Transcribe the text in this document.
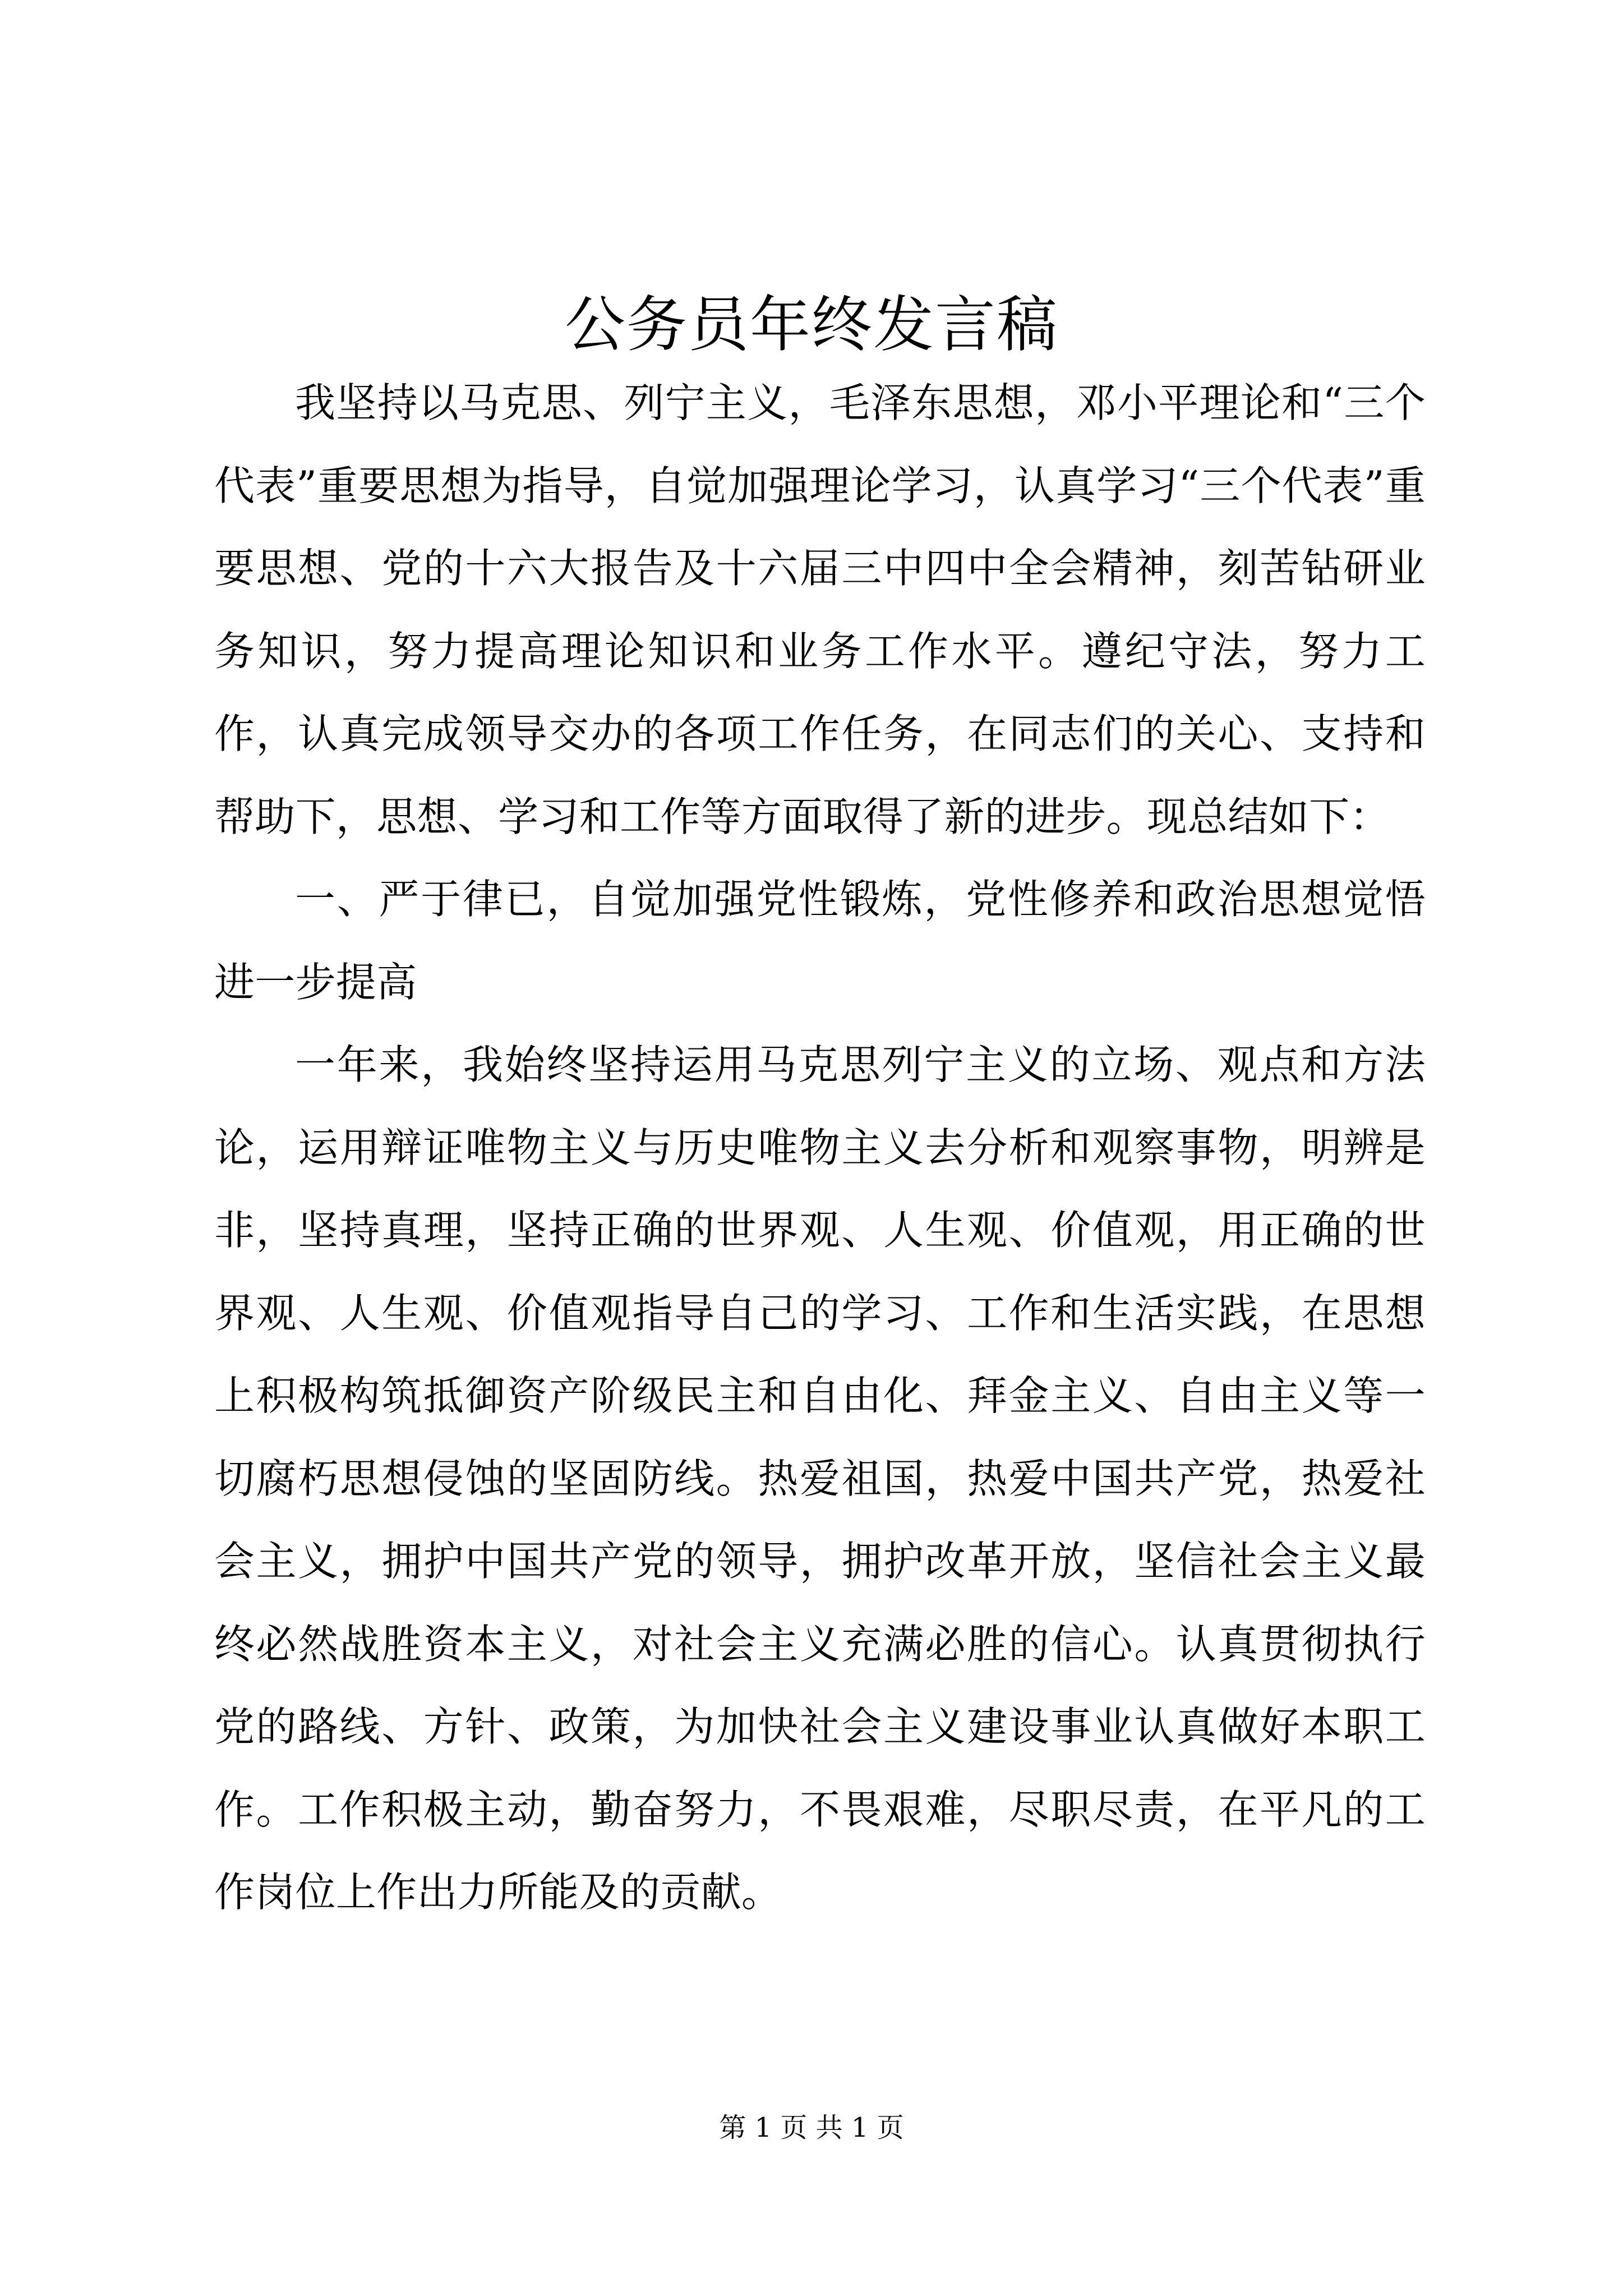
公务员年终发言稿

我坚持以马克思、列宁主义，毛泽东思想，邓小平理论和“三个代表”重要思想为指导，自觉加强理论学习，认真学习“三个代表”重要思想、党的十六大报告及十六届三中四中全会精神，刻苦钻研业务知识，努力提高理论知识和业务工作水平。遵纪守法，努力工作，认真完成领导交办的各项工作任务，在同志们的关心、支持和帮助下，思想、学习和工作等方面取得了新的进步。现总结如下：

一、严于律已，自觉加强党性锻炼，党性修养和政治思想觉悟进一步提高

一年来，我始终坚持运用马克思列宁主义的立场、观点和方法论，运用辩证唯物主义与历史唯物主义去分析和观察事物，明辨是非，坚持真理，坚持正确的世界观、人生观、价值观，用正确的世界观、人生观、价值观指导自己的学习、工作和生活实践，在思想上积极构筑抵御资产阶级民主和自由化、拜金主义、自由主义等一切腐朽思想侵蚀的坚固防线。热爱祖国，热爱中国共产党，热爱社会主义，拥护中国共产党的领导，拥护改革开放，坚信社会主义最终必然战胜资本主义，对社会主义充满必胜的信心。认真贯彻执行党的路线、方针、政策，为加快社会主义建设事业认真做好本职工作。工作积极主动，勤奋努力，不畏艰难，尽职尽责，在平凡的工作岗位上作出力所能及的贡献。

第 1 页 共 1 页
